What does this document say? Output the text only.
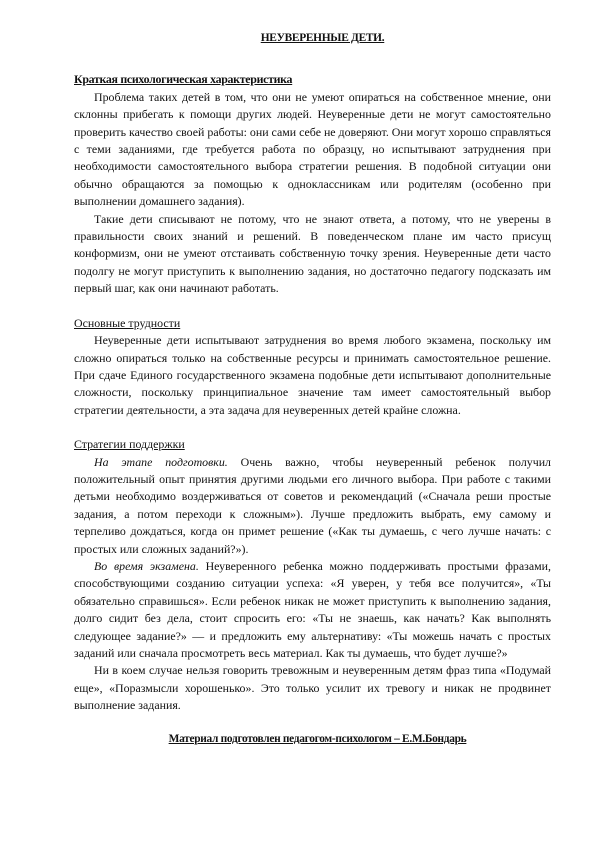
НЕУВЕРЕННЫЕ ДЕТИ.
Краткая психологическая характеристика

Проблема таких детей в том, что они не умеют опираться на собственное мнение, они склонны прибегать к помощи других людей. Неуверенные дети не могут самостоятельно проверить качество своей работы: они сами себе не доверяют. Они могут хорошо справляться с теми заданиями, где требуется работа по образцу, но испытывают затруднения при необходимости самостоятельного выбора стратегии решения. В подобной ситуации они обычно обращаются за помощью к одноклассникам или родителям (особенно при выполнении домашнего задания).

Такие дети списывают не потому, что не знают ответа, а потому, что не уверены в правильности своих знаний и решений. В поведенческом плане им часто присущ конформизм, они не умеют отстаивать собственную точку зрения. Неуверенные дети часто подолгу не могут приступить к выполнению задания, но достаточно педагогу подсказать им первый шаг, как они начинают работать.

Основные трудности

Неуверенные дети испытывают затруднения во время любого экзамена, поскольку им сложно опираться только на собственные ресурсы и принимать самостоятельное решение. При сдаче Единого государственного экзамена подобные дети испытывают дополнительные сложности, поскольку принципиальное значение там имеет самостоятельный выбор стратегии деятельности, а эта задача для неуверенных детей крайне сложна.

Стратегии поддержки

На этапе подготовки. Очень важно, чтобы неуверенный ребенок получил положительный опыт принятия другими людьми его личного выбора. При работе с такими детьми необходимо воздерживаться от советов и рекомендаций («Сначала реши простые задания, а потом переходи к сложным»). Лучше предложить выбрать, ему самому и терпеливо дождаться, когда он примет решение («Как ты думаешь, с чего лучше начать: с простых или сложных заданий?»).

Во время экзамена. Неуверенного ребенка можно поддерживать простыми фразами, способствующими созданию ситуации успеха: «Я уверен, у тебя все получится», «Ты обязательно справишься». Если ребенок никак не может приступить к выполнению задания, долго сидит без дела, стоит спросить его: «Ты не знаешь, как начать? Как выполнять следующее задание?» — и предложить ему альтернативу: «Ты можешь начать с простых заданий или сначала просмотреть весь материал. Как ты думаешь, что будет лучше?»

Ни в коем случае нельзя говорить тревожным и неуверенным детям фраз типа «Подумай еще», «Поразмысли хорошенько». Это только усилит их тревогу и никак не продвинет выполнение задания.

Материал подготовлен педагогом-психологом – Е.М.Бондарь
